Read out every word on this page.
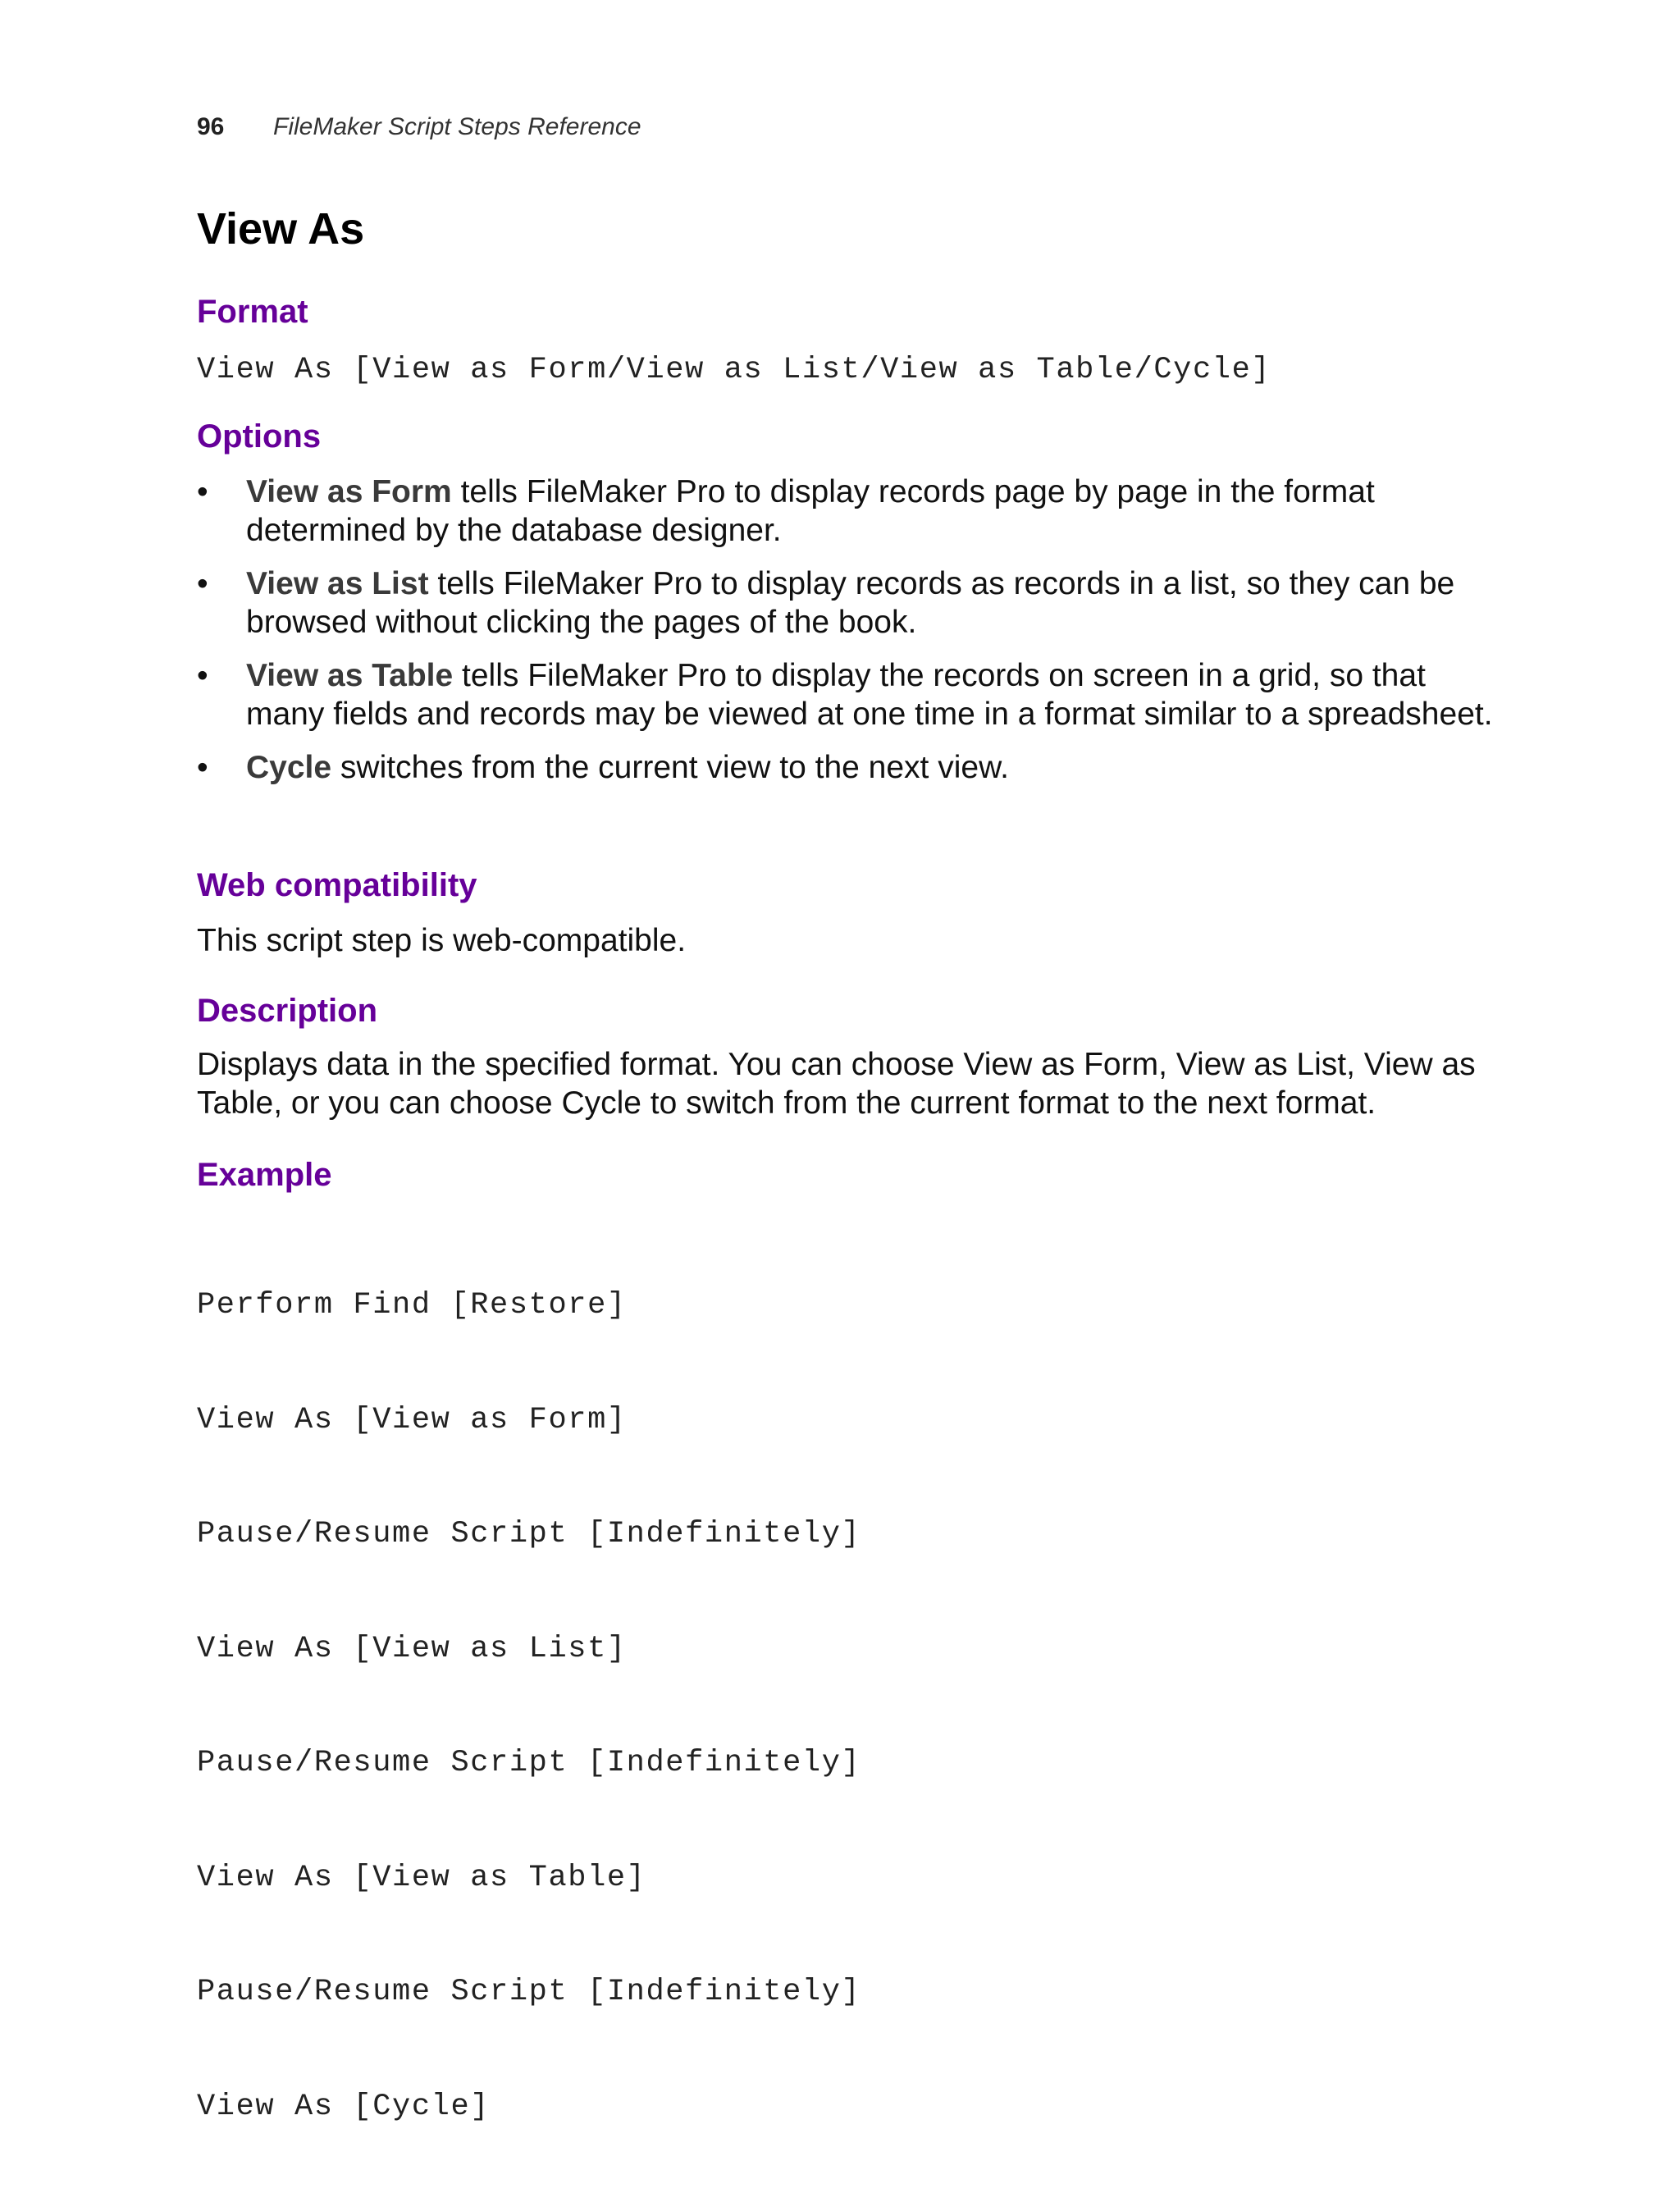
96	FileMaker Script Steps Reference
View As
Format
View As [View as Form/View as List/View as Table/Cycle]
Options
• View as Form tells FileMaker Pro to display records page by page in the format determined by the database designer.
• View as List tells FileMaker Pro to display records as records in a list, so they can be browsed without clicking the pages of the book.
• View as Table tells FileMaker Pro to display the records on screen in a grid, so that many fields and records may be viewed at one time in a format similar to a spreadsheet.
• Cycle switches from the current view to the next view.
Web compatibility

This script step is web-compatible.

Description

Displays data in the specified format. You can choose View as Form, View as List, View as Table, or you can choose Cycle to switch from the current format to the next format.

Example

Perform Find [Restore]

View As [View as Form]

Pause/Resume Script [Indefinitely]

View As [View as List]

Pause/Resume Script [Indefinitely]

View As [View as Table]

Pause/Resume Script [Indefinitely]

View As [Cycle]
